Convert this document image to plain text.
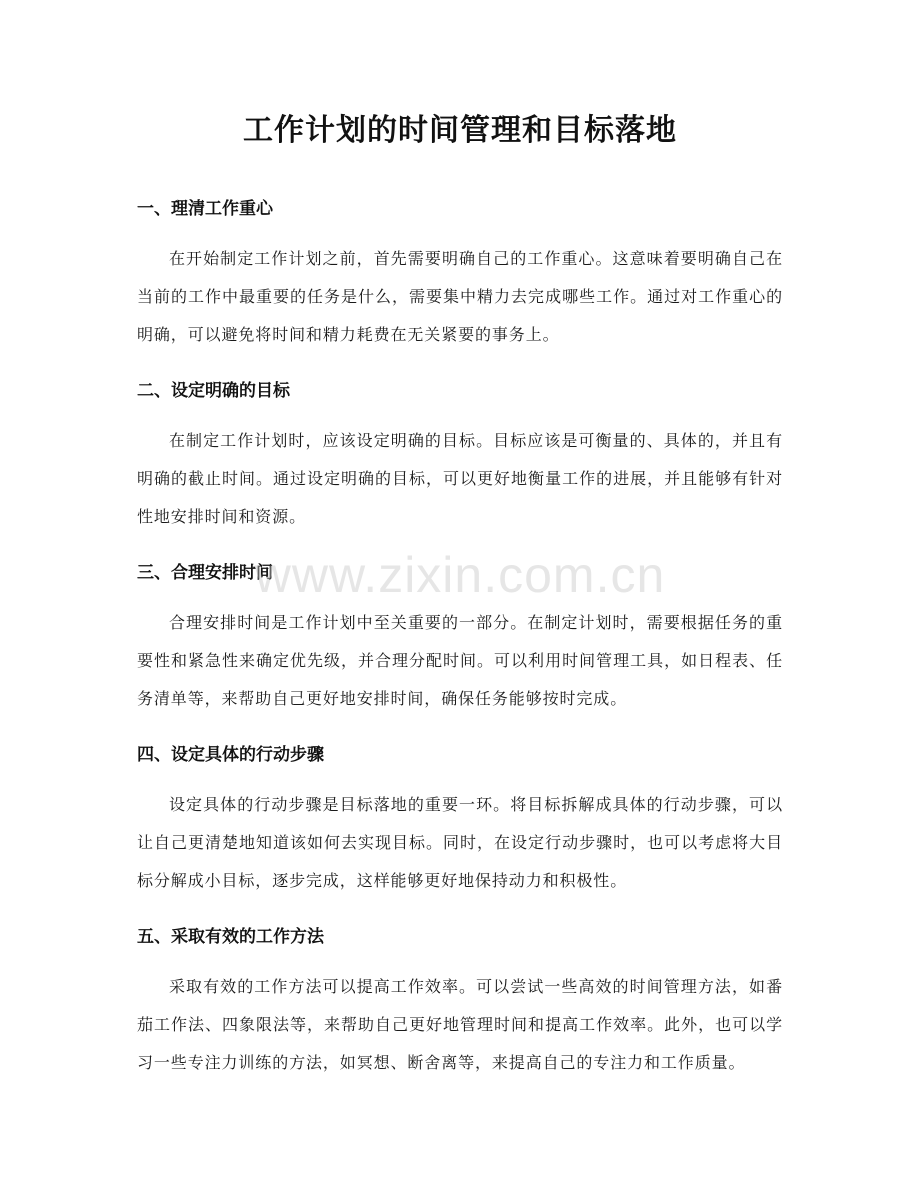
工作计划的时间管理和目标落地
一、理清工作重心

在开始制定工作计划之前，首先需要明确自己的工作重心。这意味着要明确自己在当前的工作中最重要的任务是什么，需要集中精力去完成哪些工作。通过对工作重心的明确，可以避免将时间和精力耗费在无关紧要的事务上。

二、设定明确的目标

在制定工作计划时，应该设定明确的目标。目标应该是可衡量的、具体的，并且有明确的截止时间。通过设定明确的目标，可以更好地衡量工作的进展，并且能够有针对性地安排时间和资源。

三、合理安排时间

合理安排时间是工作计划中至关重要的一部分。在制定计划时，需要根据任务的重要性和紧急性来确定优先级，并合理分配时间。可以利用时间管理工具，如日程表、任务清单等，来帮助自己更好地安排时间，确保任务能够按时完成。

四、设定具体的行动步骤

设定具体的行动步骤是目标落地的重要一环。将目标拆解成具体的行动步骤，可以让自己更清楚地知道该如何去实现目标。同时，在设定行动步骤时，也可以考虑将大目标分解成小目标，逐步完成，这样能够更好地保持动力和积极性。

五、采取有效的工作方法

采取有效的工作方法可以提高工作效率。可以尝试一些高效的时间管理方法，如番茄工作法、四象限法等，来帮助自己更好地管理时间和提高工作效率。此外，也可以学习一些专注力训练的方法，如冥想、断舍离等，来提高自己的专注力和工作质量。

www.zixin.com.cn
